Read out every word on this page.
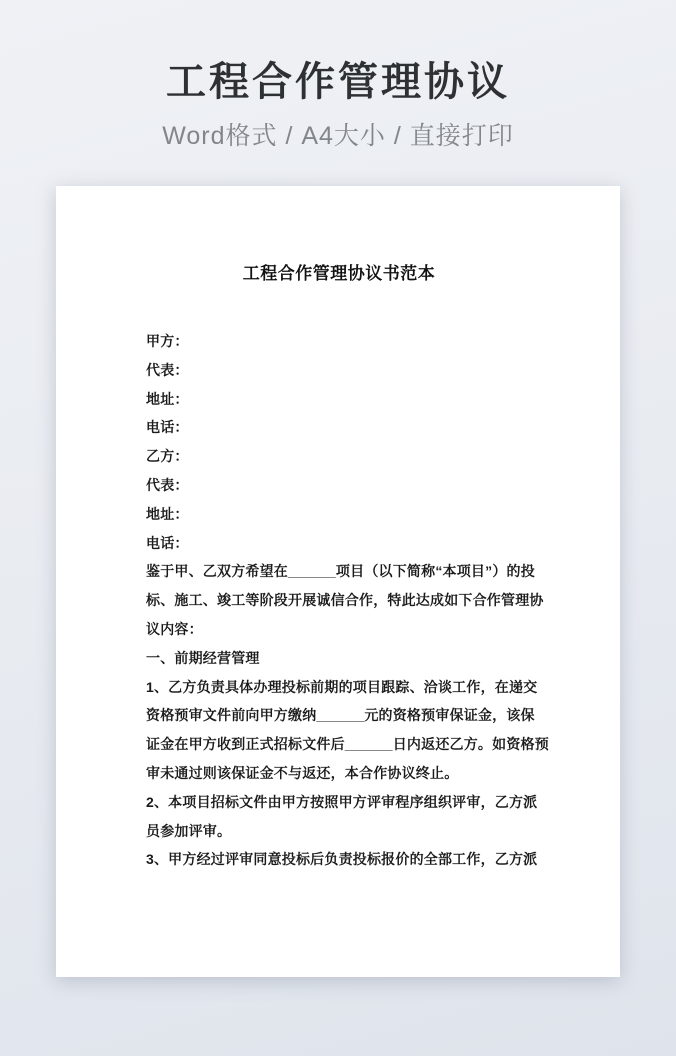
工程合作管理协议

Word格式 / A4大小 / 直接打印

工程合作管理协议书范本
甲方：
代表：
地址：
电话：
乙方：
代表：
地址：
电话：
鉴于甲、乙双方希望在______项目（以下简称“本项目”）的投
标、施工、竣工等阶段开展诚信合作，特此达成如下合作管理协
议内容：
一、前期经营管理
1、乙方负责具体办理投标前期的项目跟踪、洽谈工作，在递交
资格预审文件前向甲方缴纳______元的资格预审保证金，该保
证金在甲方收到正式招标文件后______日内返还乙方。如资格预
审未通过则该保证金不与返还，本合作协议终止。
2、本项目招标文件由甲方按照甲方评审程序组织评审，乙方派
员参加评审。
3、甲方经过评审同意投标后负责投标报价的全部工作，乙方派
